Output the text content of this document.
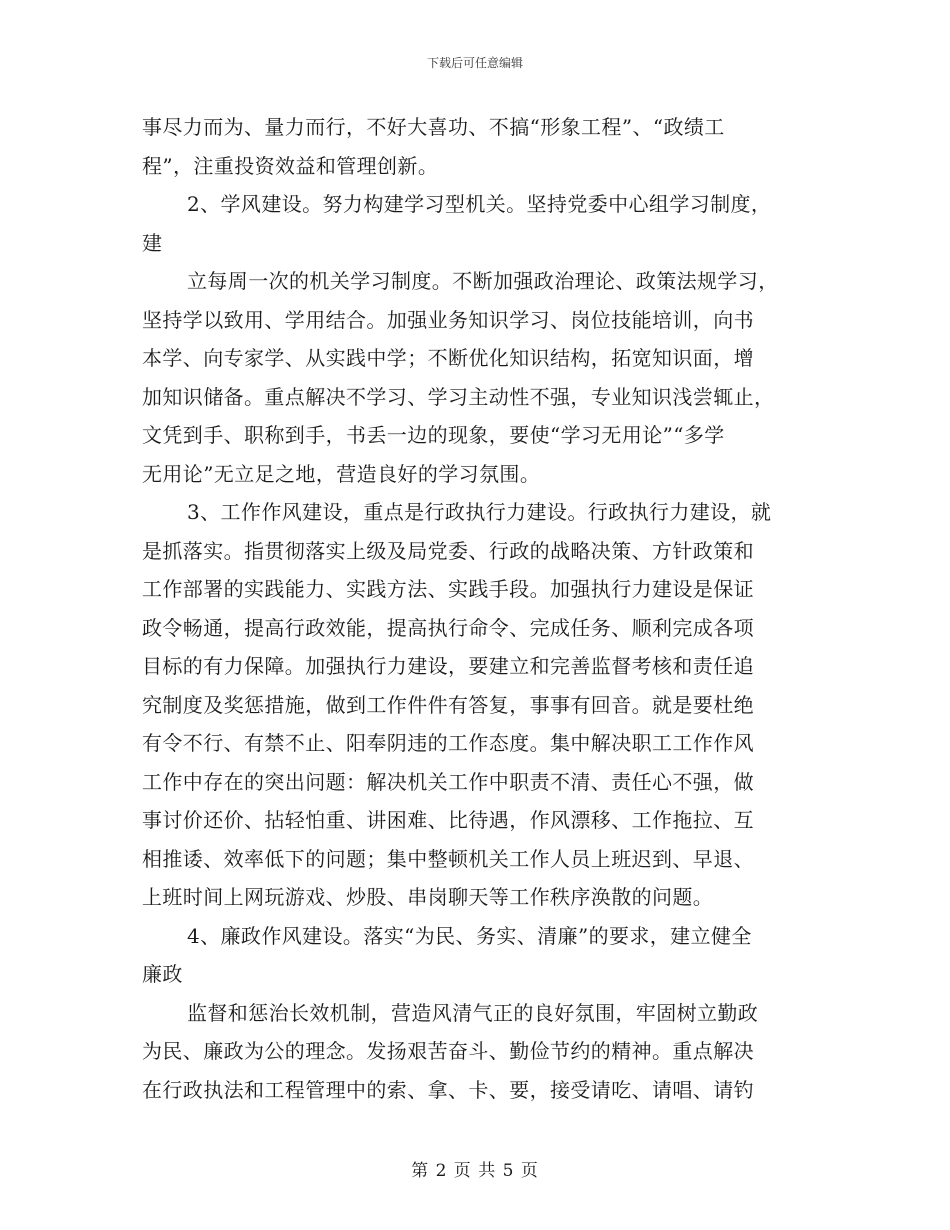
下载后可任意编辑
事尽力而为、量力而行，不好大喜功、不搞“形象工程”、“政绩工
程”，注重投资效益和管理创新。
2、学风建设。努力构建学习型机关。坚持党委中心组学习制度，
建
立每周一次的机关学习制度。不断加强政治理论、政策法规学习，
坚持学以致用、学用结合。加强业务知识学习、岗位技能培训，向书
本学、向专家学、从实践中学；不断优化知识结构，拓宽知识面，增
加知识储备。重点解决不学习、学习主动性不强，专业知识浅尝辄止，
文凭到手、职称到手，书丢一边的现象，要使“学习无用论”“多学
无用论”无立足之地，营造良好的学习氛围。
3、工作作风建设，重点是行政执行力建设。行政执行力建设，就
是抓落实。指贯彻落实上级及局党委、行政的战略决策、方针政策和
工作部署的实践能力、实践方法、实践手段。加强执行力建设是保证
政令畅通，提高行政效能，提高执行命令、完成任务、顺利完成各项
目标的有力保障。加强执行力建设，要建立和完善监督考核和责任追
究制度及奖惩措施，做到工作件件有答复，事事有回音。就是要杜绝
有令不行、有禁不止、阳奉阴违的工作态度。集中解决职工工作作风
工作中存在的突出问题：解决机关工作中职责不清、责任心不强，做
事讨价还价、拈轻怕重、讲困难、比待遇，作风漂移、工作拖拉、互
相推诿、效率低下的问题；集中整顿机关工作人员上班迟到、早退、
上班时间上网玩游戏、炒股、串岗聊天等工作秩序涣散的问题。
4、廉政作风建设。落实“为民、务实、清廉”的要求，建立健全
廉政
监督和惩治长效机制，营造风清气正的良好氛围，牢固树立勤政
为民、廉政为公的理念。发扬艰苦奋斗、勤俭节约的精神。重点解决
在行政执法和工程管理中的索、拿、卡、要，接受请吃、请唱、请钓
第 2 页 共 5 页
